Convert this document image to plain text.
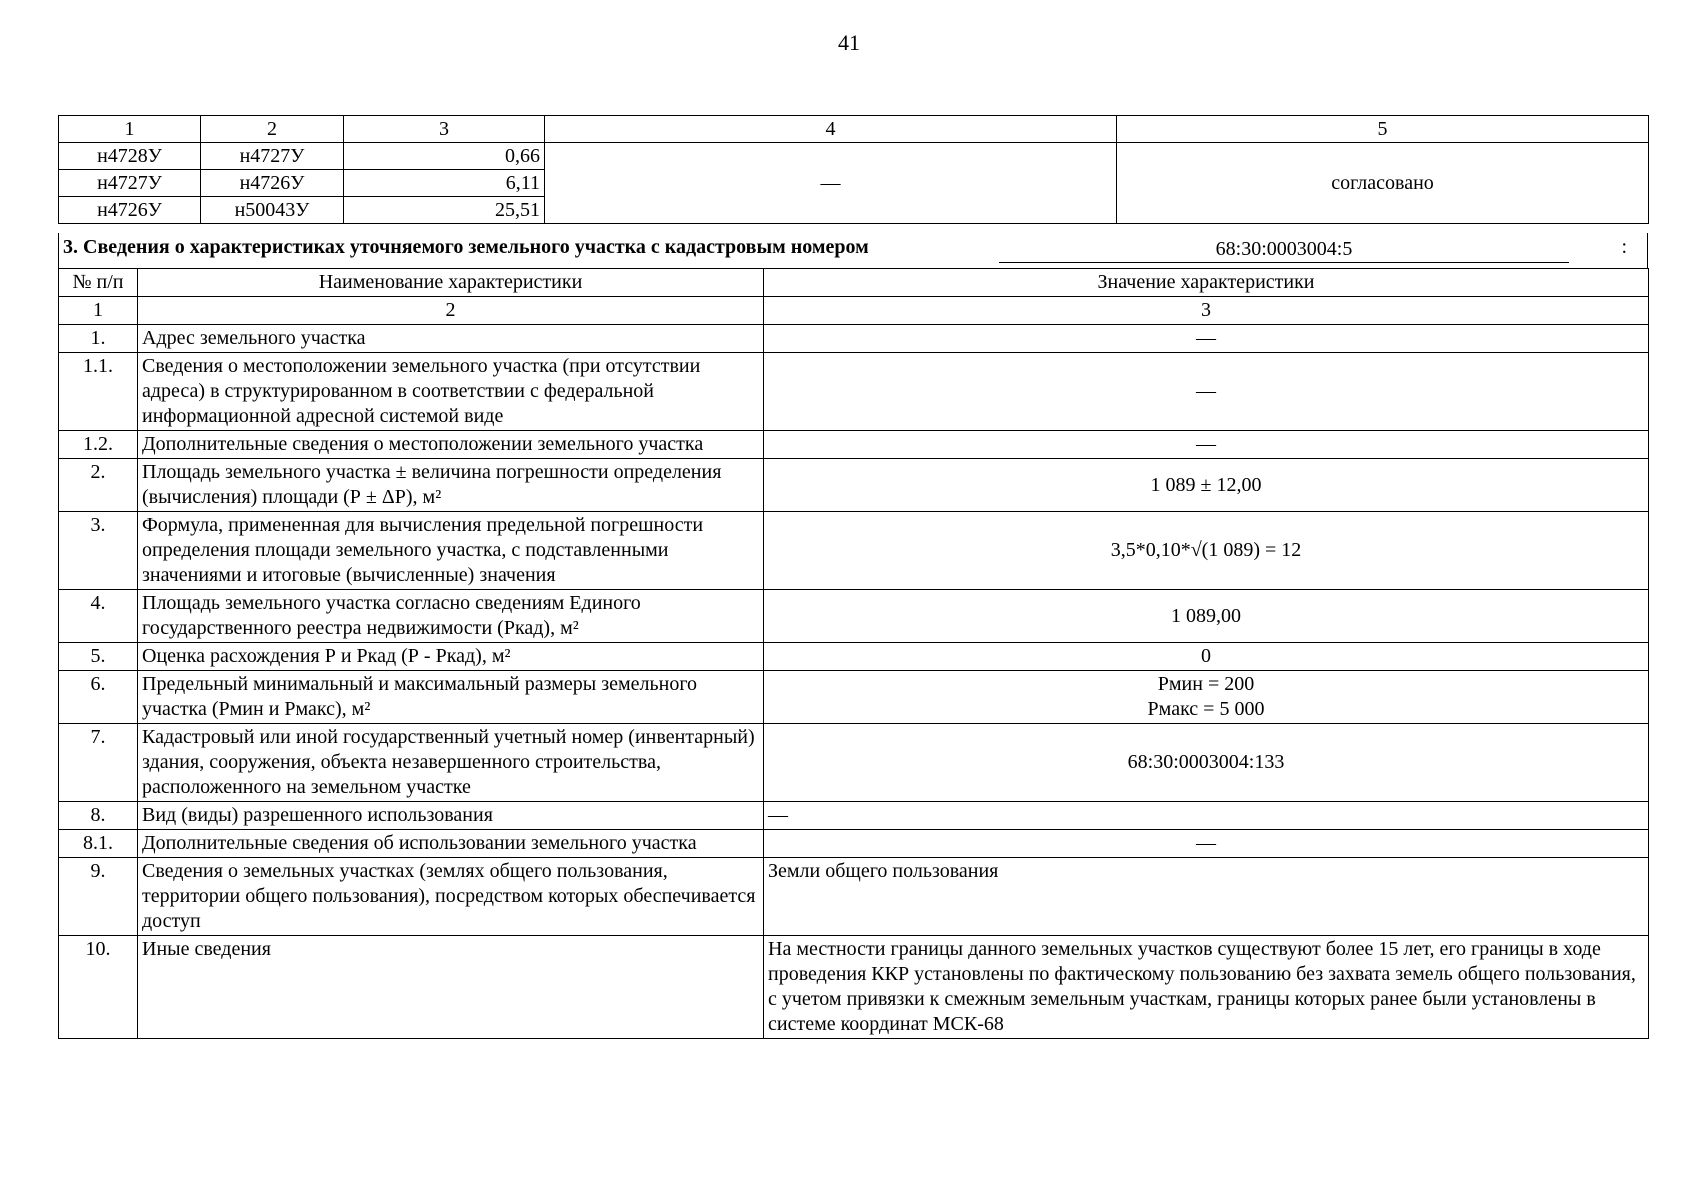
41
1	2	3	4	5
н4728У	н4727У	0,66	—	согласовано
н4727У	н4726У	6,11		
н4726У	н50043У	25,51		
3. Сведения о характеристиках уточняемого земельного участка с кадастровым номером	68:30:0003004:5	:
№ п/п	Наименование характеристики	Значение характеристики
1	2	3
1.	Адрес земельного участка	—
1.1.	Сведения о местоположении земельного участка (при отсутствии адреса) в структурированном в соответствии с федеральной информационной адресной системой виде	—
1.2.	Дополнительные сведения о местоположении земельного участка	—
2.	Площадь земельного участка ± величина погрешности определения (вычисления) площади (Р ± ΔР), м²	1 089 ± 12,00
3.	Формула, примененная для вычисления предельной погрешности определения площади земельного участка, с подставленными значениями и итоговые (вычисленные) значения	3,5*0,10*√(1 089) = 12
4.	Площадь земельного участка согласно сведениям Единого государственного реестра недвижимости (Ркад), м²	1 089,00
5.	Оценка расхождения Р и Ркад (Р - Ркад), м²	0
6.	Предельный минимальный и максимальный размеры земельного участка (Рмин и Рмакс), м²	Рмин = 200
Рмакс = 5 000

7.	Кадастровый или иной государственный учетный номер (инвентарный) здания, сооружения, объекта незавершенного строительства, расположенного на земельном участке	68:30:0003004:133
8.	Вид (виды) разрешенного использования	—
8.1.	Дополнительные сведения об использовании земельного участка	—
9.	Сведения о земельных участках (землях общего пользования, территории общего пользования), посредством которых обеспечивается доступ	Земли общего пользования
10.	Иные сведения	На местности границы данного земельных участков существуют более 15 лет, его границы в ходе проведения ККР установлены по фактическому пользованию без захвата земель общего пользования, с учетом привязки к смежным земельным участкам, границы которых ранее были установлены в системе координат МСК-68
